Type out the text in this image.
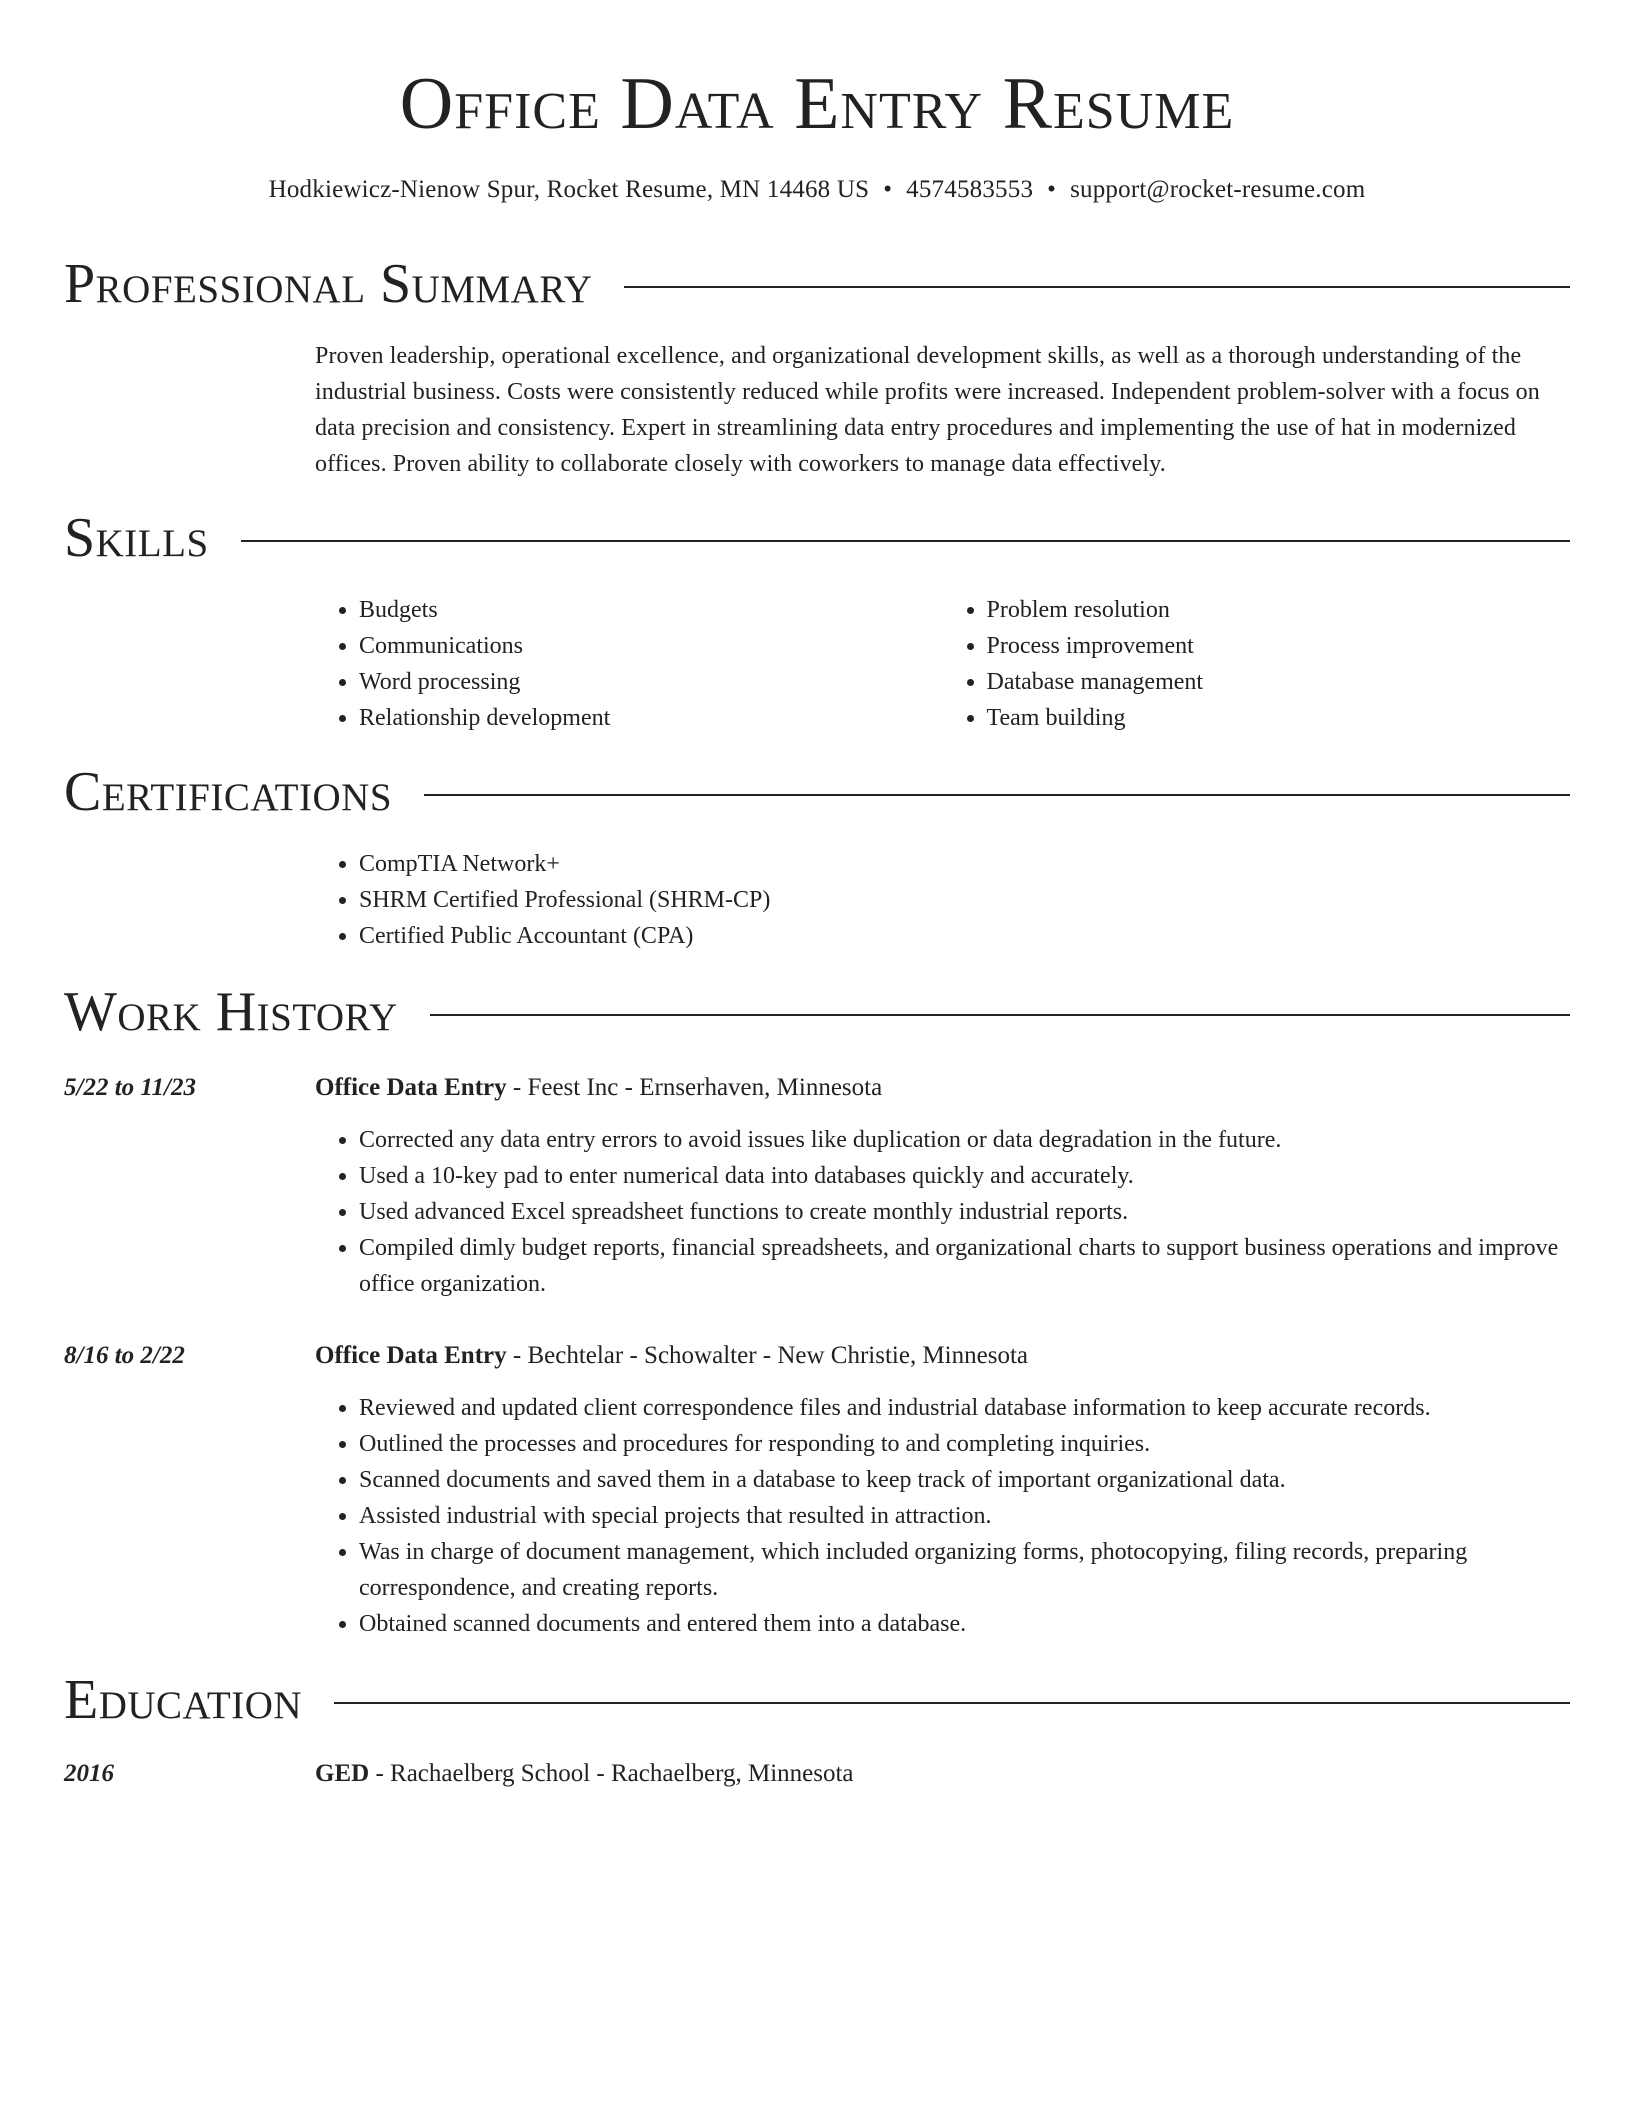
Office Data Entry Resume
Hodkiewicz-Nienow Spur, Rocket Resume, MN 14468 US • 4574583553 • support@rocket-resume.com
Professional Summary

Proven leadership, operational excellence, and organizational development skills, as well as a thorough understanding of the industrial business. Costs were consistently reduced while profits were increased. Independent problem-solver with a focus on data precision and consistency. Expert in streamlining data entry procedures and implementing the use of hat in modernized offices. Proven ability to collaborate closely with coworkers to manage data effectively.

Skills
• Budgets
• Communications
• Word processing
• Relationship development
• Problem resolution
• Process improvement
• Database management
• Team building
Certifications
• CompTIA Network+
• SHRM Certified Professional (SHRM-CP)
• Certified Public Accountant (CPA)
Work History
5/22 to 11/23	Office Data Entry - Feest Inc - Ernserhaven, Minnesota
• Corrected any data entry errors to avoid issues like duplication or data degradation in the future.
• Used a 10-key pad to enter numerical data into databases quickly and accurately.
• Used advanced Excel spreadsheet functions to create monthly industrial reports.
• Compiled dimly budget reports, financial spreadsheets, and organizational charts to support business operations and improve office organization.
8/16 to 2/22	Office Data Entry - Bechtelar - Schowalter - New Christie, Minnesota
• Reviewed and updated client correspondence files and industrial database information to keep accurate records.
• Outlined the processes and procedures for responding to and completing inquiries.
• Scanned documents and saved them in a database to keep track of important organizational data.
• Assisted industrial with special projects that resulted in attraction.
• Was in charge of document management, which included organizing forms, photocopying, filing records, preparing correspondence, and creating reports.
• Obtained scanned documents and entered them into a database.
Education
2016	GED - Rachaelberg School - Rachaelberg, Minnesota
